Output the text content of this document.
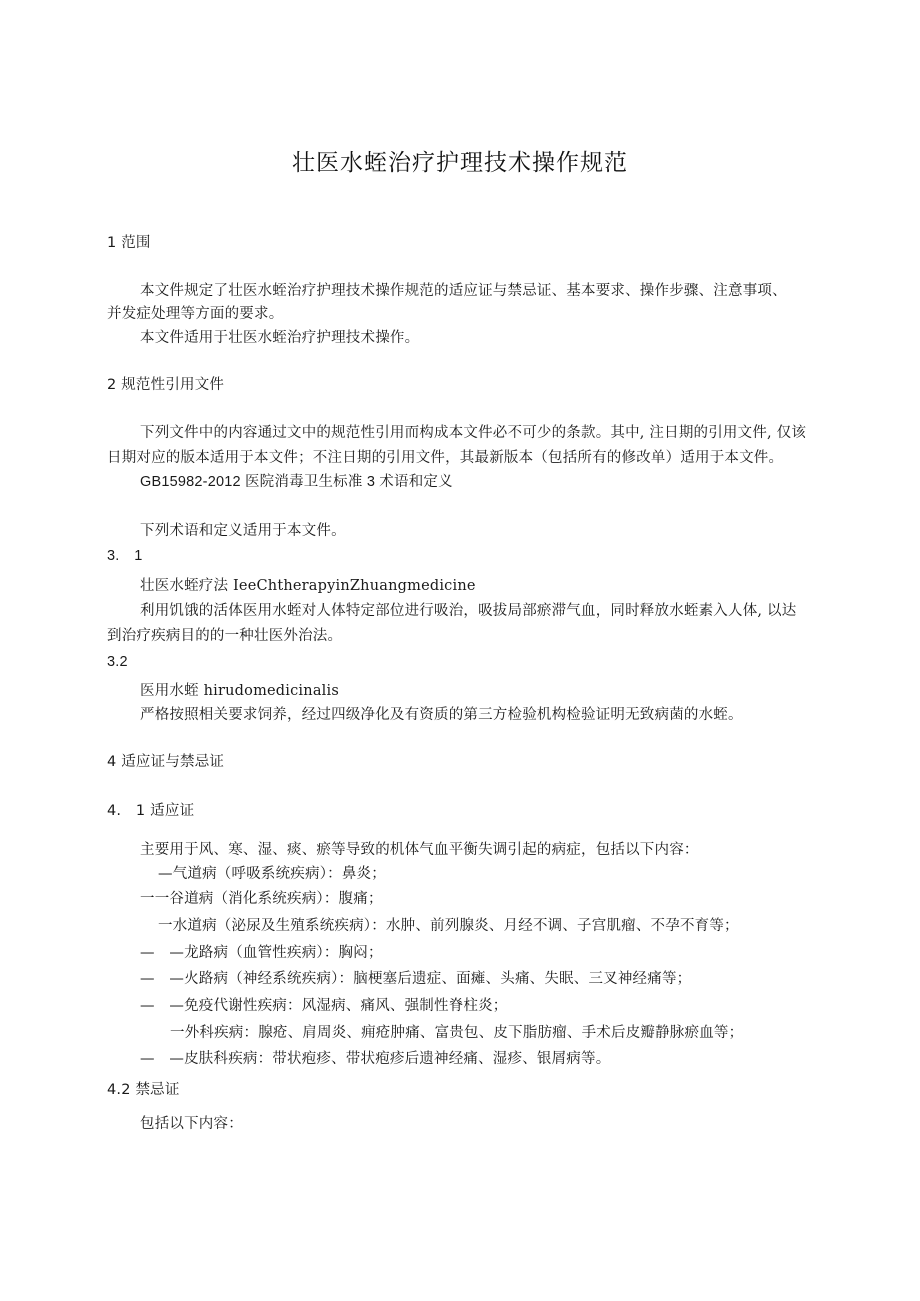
壮医水蛭治疗护理技术操作规范
1 范围
本文件规定了壮医水蛭治疗护理技术操作规范的适应证与禁忌证、基本要求、操作步骤、注意事项、
并发症处理等方面的要求。
本文件适用于壮医水蛭治疗护理技术操作。
2 规范性引用文件
下列文件中的内容通过文中的规范性引用而构成本文件必不可少的条款。其中, 注日期的引用文件, 仅该
日期对应的版本适用于本文件；不注日期的引用文件，其最新版本（包括所有的修改单）适用于本文件。
GB15982-2012 医院消毒卫生标准 3 术语和定义
下列术语和定义适用于本文件。
3.　1
壮医水蛭疗法 IeeChtherapyinZhuangmedicine
利用饥饿的活体医用水蛭对人体特定部位进行吸治，吸拔局部瘀滞气血，同时释放水蛭素入人体, 以达
到治疗疾病目的的一种壮医外治法。
3.2
医用水蛭 hirudomedicinalis
严格按照相关要求饲养，经过四级净化及有资质的第三方检验机构检验证明无致病菌的水蛭。
4 适应证与禁忌证
4.　1 适应证
主要用于风、寒、湿、痰、瘀等导致的机体气血平衡失调引起的病症，包括以下内容：
—气道病（呼吸系统疾病）：鼻炎；
一一谷道病（消化系统疾病）：腹痛；
一水道病（泌尿及生殖系统疾病）：水肿、前列腺炎、月经不调、子宫肌瘤、不孕不育等；
—　—龙路病（血管性疾病）：胸闷；
—　—火路病（神经系统疾病）：脑梗塞后遗症、面瘫、头痛、失眠、三叉神经痛等；
—　—免疫代谢性疾病：风湿病、痛风、强制性脊柱炎；
一外科疾病：腺疮、肩周炎、痈疮肿痛、富贵包、皮下脂肪瘤、手术后皮瓣静脉瘀血等；
—　—皮肤科疾病：带状疱疹、带状疱疹后遗神经痛、湿疹、银屑病等。
4.2 禁忌证
包括以下内容：
